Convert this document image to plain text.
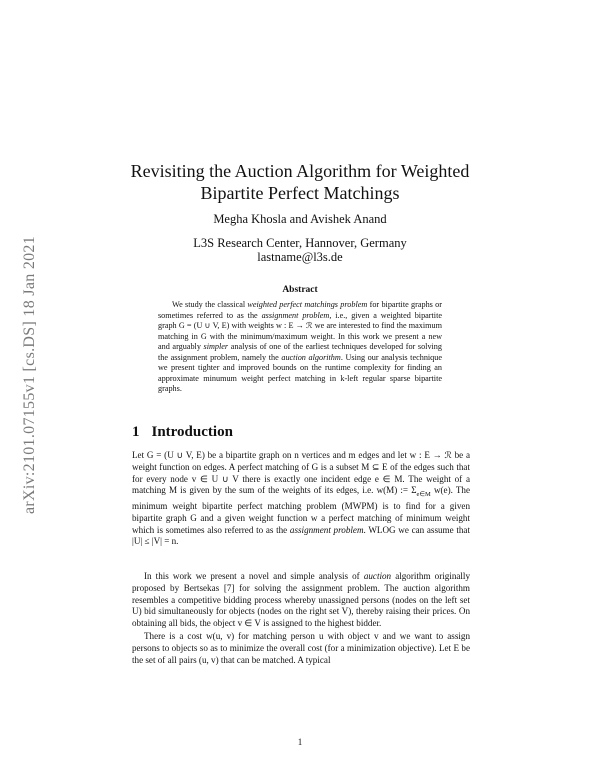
arXiv:2101.07155v1 [cs.DS] 18 Jan 2021
Revisiting the Auction Algorithm for Weighted
Bipartite Perfect Matchings
Megha Khosla and Avishek Anand
L3S Research Center, Hannover, Germany
lastname@l3s.de
Abstract
We study the classical weighted perfect matchings problem for bipartite graphs or sometimes referred to as the assignment problem, i.e., given a weighted bipartite graph G = (U ∪ V, E) with weights w : E → ℛ we are interested to find the maximum matching in G with the minimum/maximum weight. In this work we present a new and arguably simpler analysis of one of the earliest techniques developed for solving the assignment problem, namely the auction algorithm. Using our analysis technique we present tighter and improved bounds on the runtime complexity for finding an approximate minumum weight perfect matching in k-left regular sparse bipartite graphs.
1 Introduction
Let G = (U ∪ V, E) be a bipartite graph on n vertices and m edges and let w : E → ℛ be a weight function on edges. A perfect matching of G is a subset M ⊆ E of the edges such that for every node v ∈ U ∪ V there is exactly one incident edge e ∈ M. The weight of a matching M is given by the sum of the weights of its edges, i.e. w(M) := $\Sigma_{e\in M}$ w(e). The minimum weight bipartite perfect matching problem (MWPM) is to find for a given bipartite graph G and a given weight function w a perfect matching of minimum weight which is sometimes also referred to as the assignment problem. WLOG we can assume that |U| ≤ |V| = n.
In this work we present a novel and simple analysis of auction algorithm originally proposed by Bertsekas [7] for solving the assignment problem. The auction algorithm resembles a competitive bidding process whereby unassigned persons (nodes on the left set U) bid simultaneously for objects (nodes on the right set V), thereby raising their prices. On obtaining all bids, the object v ∈ V is assigned to the highest bidder.
There is a cost w(u, v) for matching person u with object v and we want to assign persons to objects so as to minimize the overall cost (for a minimization objective). Let E be the set of all pairs (u, v) that can be matched. A typical
1
